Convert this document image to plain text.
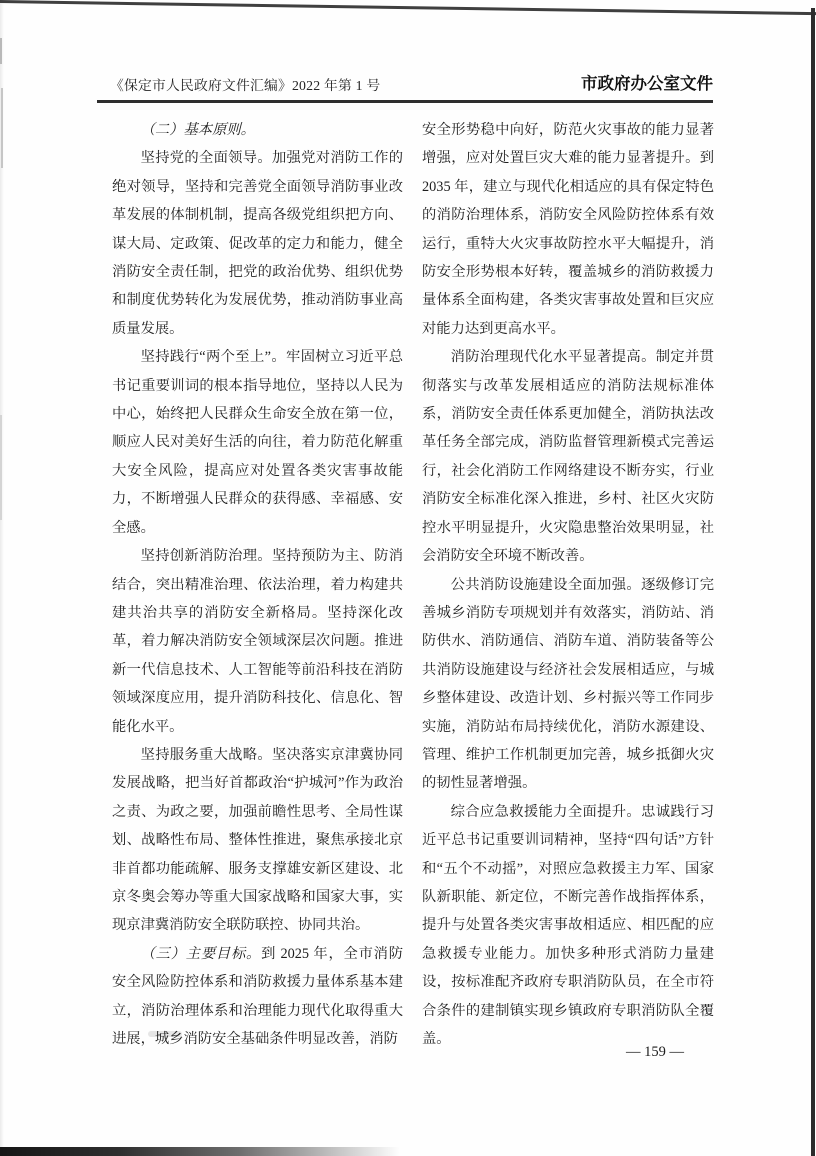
《保定市人民政府文件汇编》2022 年第 1 号	市政府办公室文件

（二）基本原则。

坚持党的全面领导。加强党对消防工作的绝对领导，坚持和完善党全面领导消防事业改革发展的体制机制，提高各级党组织把方向、谋大局、定政策、促改革的定力和能力，健全消防安全责任制，把党的政治优势、组织优势和制度优势转化为发展优势，推动消防事业高质量发展。

坚持践行“两个至上”。牢固树立习近平总书记重要训词的根本指导地位，坚持以人民为中心，始终把人民群众生命安全放在第一位，顺应人民对美好生活的向往，着力防范化解重大安全风险，提高应对处置各类灾害事故能力，不断增强人民群众的获得感、幸福感、安全感。

坚持创新消防治理。坚持预防为主、防消结合，突出精准治理、依法治理，着力构建共建共治共享的消防安全新格局。坚持深化改革，着力解决消防安全领域深层次问题。推进新一代信息技术、人工智能等前沿科技在消防领域深度应用，提升消防科技化、信息化、智能化水平。

坚持服务重大战略。坚决落实京津冀协同发展战略，把当好首都政治“护城河”作为政治之责、为政之要，加强前瞻性思考、全局性谋划、战略性布局、整体性推进，聚焦承接北京非首都功能疏解、服务支撑雄安新区建设、北京冬奥会筹办等重大国家战略和国家大事，实现京津冀消防安全联防联控、协同共治。

（三）主要目标。到 2025 年，全市消防安全风险防控体系和消防救援力量体系基本建立，消防治理体系和治理能力现代化取得重大进展，城乡消防安全基础条件明显改善，消防

安全形势稳中向好，防范火灾事故的能力显著增强，应对处置巨灾大难的能力显著提升。到 2035 年，建立与现代化相适应的具有保定特色的消防治理体系，消防安全风险防控体系有效运行，重特大火灾事故防控水平大幅提升，消防安全形势根本好转，覆盖城乡的消防救援力量体系全面构建，各类灾害事故处置和巨灾应对能力达到更高水平。

消防治理现代化水平显著提高。制定并贯彻落实与改革发展相适应的消防法规标准体系，消防安全责任体系更加健全，消防执法改革任务全部完成，消防监督管理新模式完善运行，社会化消防工作网络建设不断夯实，行业消防安全标准化深入推进，乡村、社区火灾防控水平明显提升，火灾隐患整治效果明显，社会消防安全环境不断改善。

公共消防设施建设全面加强。逐级修订完善城乡消防专项规划并有效落实，消防站、消防供水、消防通信、消防车道、消防装备等公共消防设施建设与经济社会发展相适应，与城乡整体建设、改造计划、乡村振兴等工作同步实施，消防站布局持续优化，消防水源建设、管理、维护工作机制更加完善，城乡抵御火灾的韧性显著增强。

综合应急救援能力全面提升。忠诚践行习近平总书记重要训词精神，坚持“四句话”方针和“五个不动摇”，对照应急救援主力军、国家队新职能、新定位，不断完善作战指挥体系，提升与处置各类灾害事故相适应、相匹配的应急救援专业能力。加快多种形式消防力量建设，按标准配齐政府专职消防队员，在全市符合条件的建制镇实现乡镇政府专职消防队全覆盖。

— 159 —
